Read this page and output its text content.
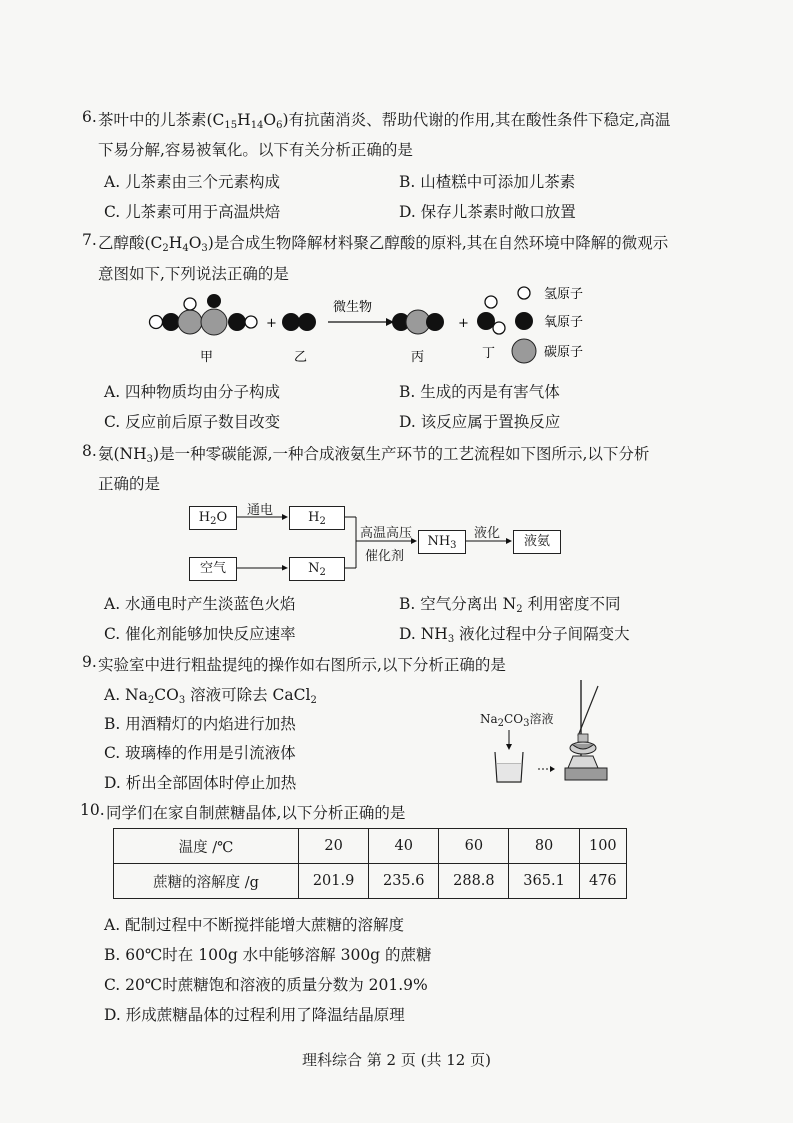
6. 茶叶中的儿茶素$(C_{15}H_{14}O_6)$有抗菌消炎、帮助代谢的作用,其在酸性条件下稳定,高温
下易分解,容易被氧化。以下有关分析正确的是
A. 儿茶素由三个元素构成	B. 山楂糕中可添加儿茶素
C. 儿茶素可用于高温烘焙	D. 保存儿茶素时敞口放置
7. 乙醇酸$(C_2H_4O_3)$是合成生物降解材料聚乙醇酸的原料,其在自然环境中降解的微观示
意图如下,下列说法正确的是
+
微生物
+
甲	乙	丙	丁
氢原子
氧原子
碳原子
A. 四种物质均由分子构成	B. 生成的丙是有害气体
C. 反应前后原子数目改变	D. 该反应属于置换反应
8. 氨$(NH_3)$是一种零碳能源,一种合成液氨生产环节的工艺流程如下图所示,以下分析
正确的是
$H_2O$	通电	$H_2$
空气	$N_2$
高温高压
催化剂
$NH_3$
液化
液氨
A. 水通电时产生淡蓝色火焰	B. 空气分离出 $N_2$ 利用密度不同
C. 催化剂能够加快反应速率	D. $NH_3$ 液化过程中分子间隔变大
9. 实验室中进行粗盐提纯的操作如右图所示,以下分析正确的是
A. $Na_2CO_3$ 溶液可除去 CaCl$_2$
B. 用酒精灯的内焰进行加热
C. 玻璃棒的作用是引流液体
D. 析出全部固体时停止加热
$Na_2CO_3$溶液
10. 同学们在家自制蔗糖晶体,以下分析正确的是
温度 /℃	20	40	60	80	100
蔗糖的溶解度 /g	201.9	235.6	288.8	365.1	476
A. 配制过程中不断搅拌能增大蔗糖的溶解度
B. 60℃时在 100g 水中能够溶解 300g 的蔗糖
C. 20℃时蔗糖饱和溶液的质量分数为 201.9%
D. 形成蔗糖晶体的过程利用了降温结晶原理
理科综合 第 2 页 (共 12 页)
